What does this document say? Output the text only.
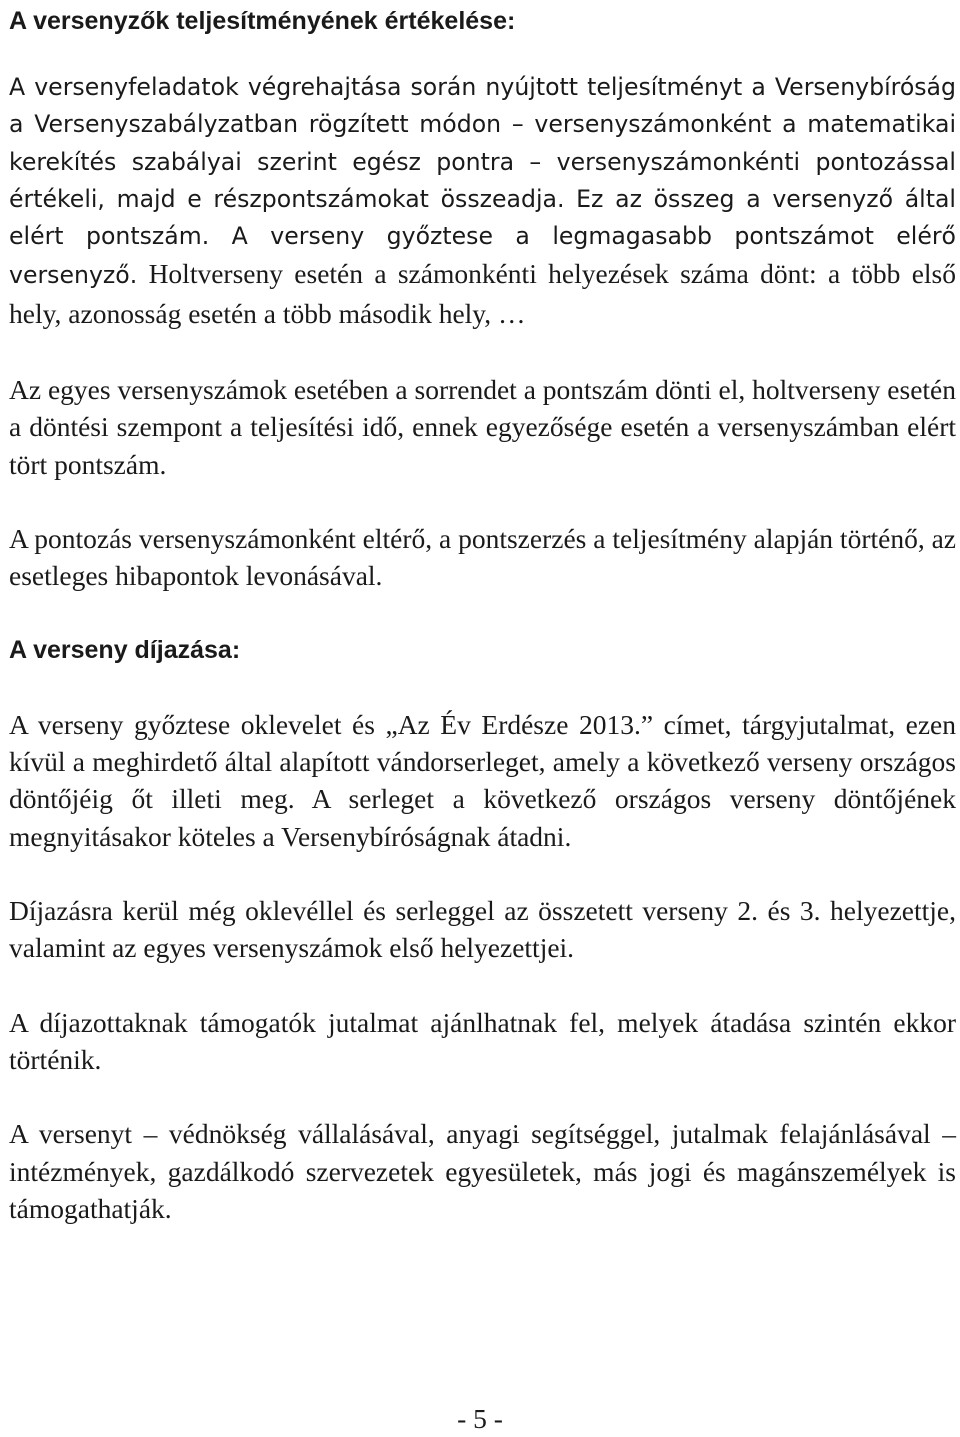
A versenyzők teljesítményének értékelése:

A versenyfeladatok végrehajtása során nyújtott teljesítményt a Versenybíróság a Versenyszabályzatban rögzített módon – versenyszámonként a matematikai kerekítés szabályai szerint egész pontra – versenyszámonkénti pontozással értékeli, majd e részpontszámokat összeadja. Ez az összeg a versenyző által elért pontszám. A verseny győztese a legmagasabb pontszámot elérő versenyző. Holtverseny esetén a számonkénti helyezések száma dönt: a több első hely, azonosság esetén a több második hely, …

Az egyes versenyszámok esetében a sorrendet a pontszám dönti el, holtverseny esetén a döntési szempont a teljesítési idő, ennek egyezősége esetén a versenyszámban elért tört pontszám.

A pontozás versenyszámonként eltérő, a pontszerzés a teljesítmény alapján történő, az esetleges hibapontok levonásával.

A verseny díjazása:

A verseny győztese oklevelet és „Az Év Erdésze 2013.” címet, tárgyjutalmat, ezen kívül a meghirdető által alapított vándorserleget, amely a következő verseny országos döntőjéig őt illeti meg. A serleget a következő országos verseny döntőjének megnyitásakor köteles a Versenybíróságnak átadni.

Díjazásra kerül még oklevéllel és serleggel az összetett verseny 2. és 3. helyezettje, valamint az egyes versenyszámok első helyezettjei.

A díjazottaknak támogatók jutalmat ajánlhatnak fel, melyek átadása szintén ekkor történik.

A versenyt – védnökség vállalásával, anyagi segítséggel, jutalmak felajánlásával – intézmények, gazdálkodó szervezetek egyesületek, más jogi és magánszemélyek is támogathatják.

- 5 -
